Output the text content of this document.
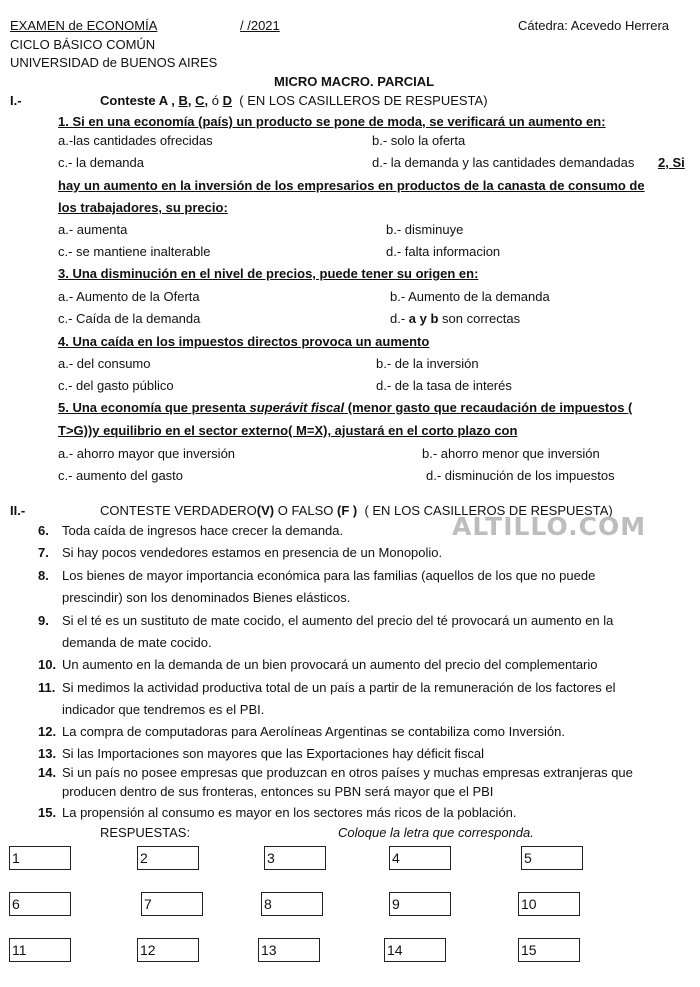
EXAMEN de ECONOMÍA	/ /2021	Cátedra: Acevedo Herrera
CICLO BÁSICO COMÚN
UNIVERSIDAD de BUENOS AIRES
MICRO MACRO. PARCIAL
I.-	Conteste A , B, C, ó D ( EN LOS CASILLEROS DE RESPUESTA)
1. Si en una economía (país) un producto se pone de moda, se verificará un aumento en:
a.-las cantidades ofrecidas	b.- solo la oferta
c.- la demanda	d.- la demanda y las cantidades demandadas 2, Si
hay un aumento en la inversión de los empresarios en productos de la canasta de consumo de
los trabajadores, su precio:
a.- aumenta	b.- disminuye
c.- se mantiene inalterable	d.- falta informacion
3. Una disminución en el nivel de precios, puede tener su origen en:
a.- Aumento de la Oferta	b.- Aumento de la demanda
c.- Caída de la demanda	d.- a y b son correctas
4. Una caída en los impuestos directos provoca un aumento
a.- del consumo	b.- de la inversión
c.- del gasto público	d.- de la tasa de interés
5. Una economía que presenta superávit fiscal (menor gasto que recaudación de impuestos (
T>G))y equilibrio en el sector externo( M=X), ajustará en el corto plazo con
a.- ahorro mayor que inversión	b.- ahorro menor que inversión
c.- aumento del gasto	d.- disminución de los impuestos
II.-	CONTESTE VERDADERO(V) O FALSO (F ) ( EN LOS CASILLEROS DE RESPUESTA)
ALTILLO.COM
6. Toda caída de ingresos hace crecer la demanda.
7. Si hay pocos vendedores estamos en presencia de un Monopolio.
8. Los bienes de mayor importancia económica para las familias (aquellos de los que no puede
prescindir) son los denominados Bienes elásticos.
9. Si el té es un sustituto de mate cocido, el aumento del precio del té provocará un aumento en la
demanda de mate cocido.
10. Un aumento en la demanda de un bien provocará un aumento del precio del complementario
11. Si medimos la actividad productiva total de un país a partir de la remuneración de los factores el
indicador que tendremos es el PBI.
12. La compra de computadoras para Aerolíneas Argentinas se contabiliza como Inversión.
13. Si las Importaciones son mayores que las Exportaciones hay déficit fiscal
14. Si un país no posee empresas que produzcan en otros países y muchas empresas extranjeras que
producen dentro de sus fronteras, entonces su PBN será mayor que el PBI
15. La propensión al consumo es mayor en los sectores más ricos de la población.
RESPUESTAS:	Coloque la letra que corresponda.
1	2	3	4	5
6	7	8	9	10
11	12	13	14	15
